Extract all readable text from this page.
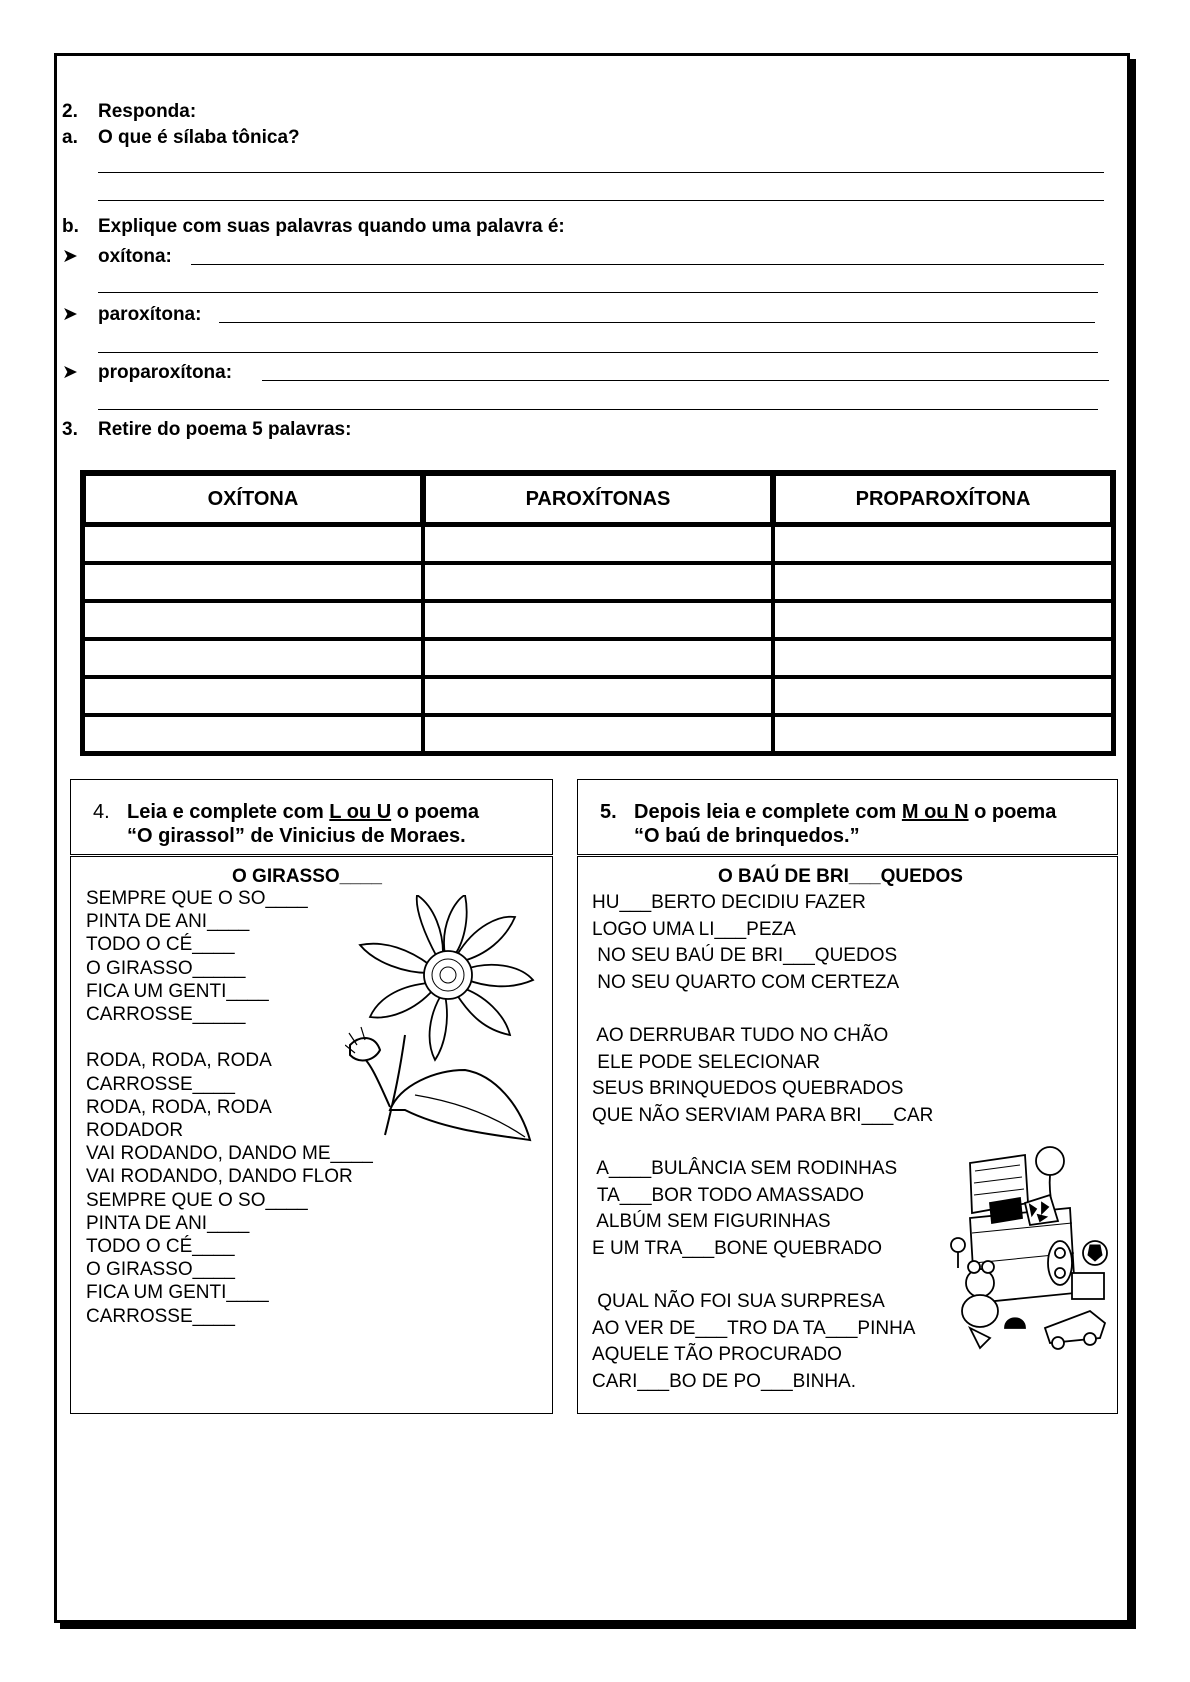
2. Responda:
a. O que é sílaba tônica?
b. Explique com suas palavras quando uma palavra é:
➤ oxítona:
➤ paroxítona:
➤ proparoxítona:
3. Retire do poema 5 palavras:
OXÍTONA	PAROXÍTONAS	PROPAROXÍTONA

4. Leia e complete com L ou U o poema
“O girassol” de Vinicius de Moraes.
O GIRASSO____
SEMPRE QUE O SO____
PINTA DE ANI____
TODO O CÉ____
O GIRASSO_____
FICA UM GENTI____
CARROSSE_____

RODA, RODA, RODA
CARROSSE____
RODA, RODA, RODA
RODADOR
VAI RODANDO, DANDO ME____
VAI RODANDO, DANDO FLOR
SEMPRE QUE O SO____
PINTA DE ANI____
TODO O CÉ____
O GIRASSO____
FICA UM GENTI____
CARROSSE____
5. Depois leia e complete com M ou N o poema
“O baú de brinquedos.”
O BAÚ DE BRI___QUEDOS
HU___BERTO DECIDIU FAZER
LOGO UMA LI___PEZA
NO SEU BAÚ DE BRI___QUEDOS
NO SEU QUARTO COM CERTEZA

AO DERRUBAR TUDO NO CHÃO
ELE PODE SELECIONAR
SEUS BRINQUEDOS QUEBRADOS
QUE NÃO SERVIAM PARA BRI___CAR

A____BULÂNCIA SEM RODINHAS
TA___BOR TODO AMASSADO
ALBÚM SEM FIGURINHAS
E UM TRA___BONE QUEBRADO

QUAL NÃO FOI SUA SURPRESA
AO VER DE___TRO DA TA___PINHA
AQUELE TÃO PROCURADO
CARI___BO DE PO___BINHA.
